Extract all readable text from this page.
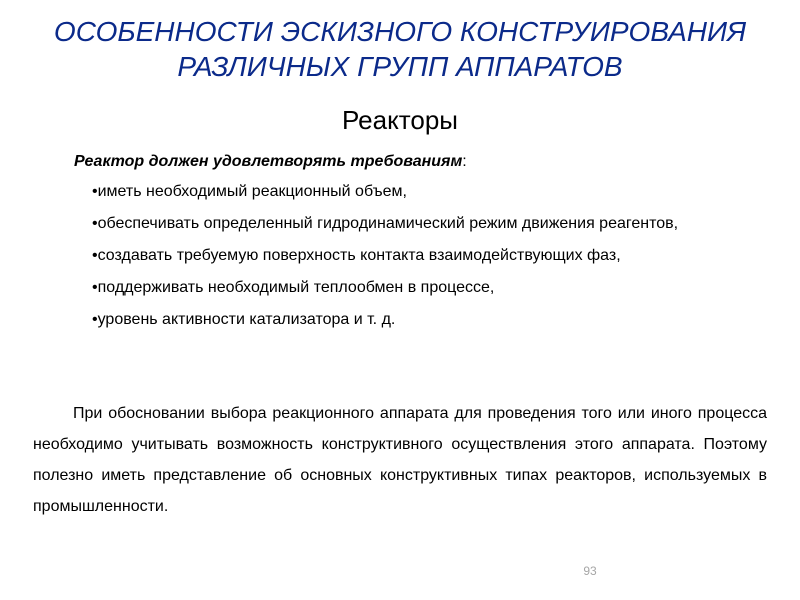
ОСОБЕННОСТИ ЭСКИЗНОГО КОНСТРУИРОВАНИЯ
РАЗЛИЧНЫХ ГРУПП АППАРАТОВ
Реакторы
Реактор должен удовлетворять требованиям:
•иметь необходимый реакционный объем,
•обеспечивать определенный гидродинамический режим движения реагентов,
•создавать требуемую поверхность контакта взаимодействующих фаз,
•поддерживать необходимый теплообмен в процессе,
•уровень активности катализатора и т. д.
При обосновании выбора реакционного аппарата для проведения того или иного процесса необходимо учитывать возможность конструктивного осуществления этого аппарата. Поэтому полезно иметь представление об основных конструктивных типах реакторов, используемых в промышленности.
93
